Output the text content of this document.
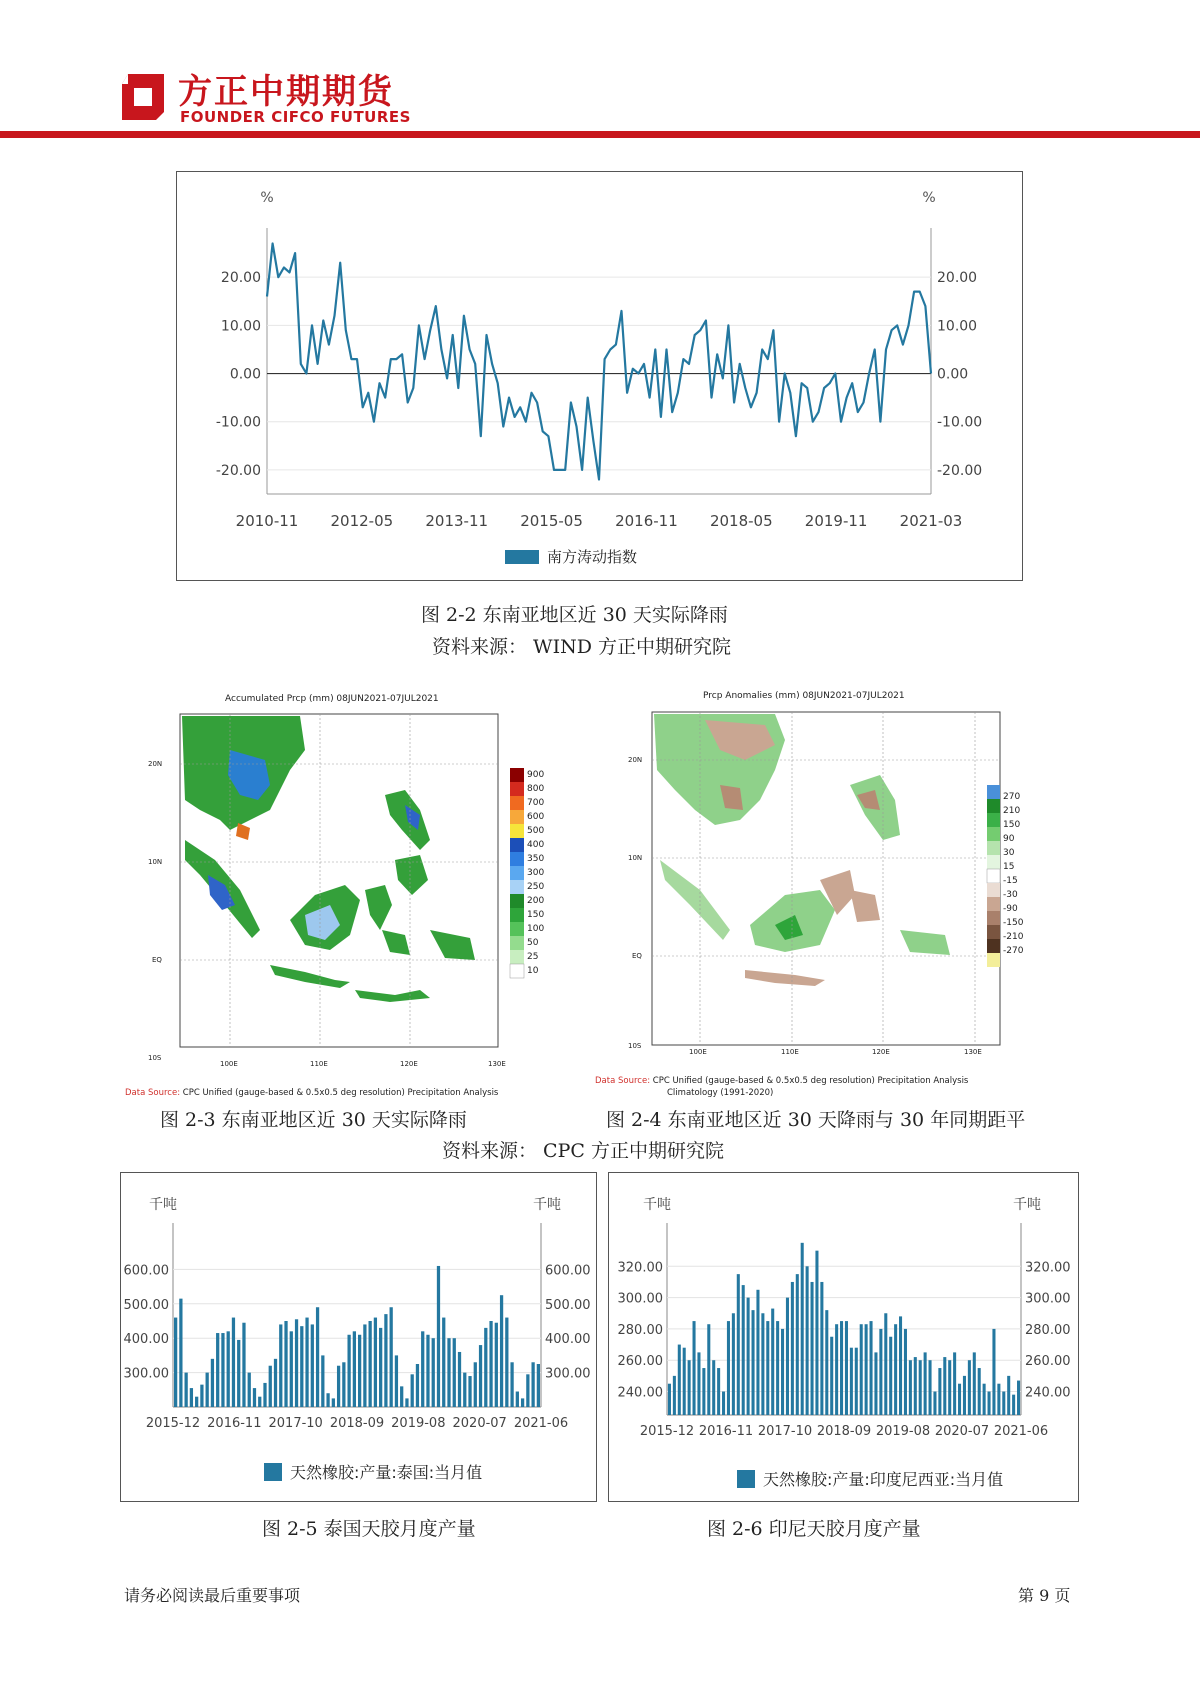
方正中期期货
FOUNDER CIFCO FUTURES
%	%
20.00	20.00
10.00	10.00
0.00	0.00
-10.00	-10.00
-20.00	-20.00
南方涛动指数
2010-11	2012-05	2013-11	2015-05	2016-11	2018-05	2019-11	2021-03
图 2-2 东南亚地区近 30 天实际降雨
资料来源： WIND 方正中期研究院
Accumulated Prcp (mm) 08JUN2021-07JUL2021
20N
10N
EQ
10S
100E	110E	120E	130E
900
800
700
600
500
400
350
300
250
200
150
100
50
25
10
Data Source: CPC Unified (gauge-based & 0.5x0.5 deg resolution) Precipitation Analysis
Prcp Anomalies (mm) 08JUN2021-07JUL2021
20N
10N
EQ
10S
100E	110E	120E	130E
270
210
150
90
30
15
-15
-30
-90
-150
-210
-270
Data Source: CPC Unified (gauge-based & 0.5x0.5 deg resolution) Precipitation Analysis
Climatology (1991-2020)
图 2-3 东南亚地区近 30 天实际降雨	图 2-4 东南亚地区近 30 天降雨与 30 年同期距平
资料来源： CPC 方正中期研究院
千吨	千吨
600.00	600.00
500.00	500.00
400.00	400.00
300.00	300.00
2015-12 2016-11 2017-10 2018-09 2019-08 2020-07 2021-06
天然橡胶:产量:泰国:当月值
图 2-5 泰国天胶月度产量
千吨	千吨
320.00	320.00
300.00	300.00
280.00	280.00
260.00	260.00
240.00	240.00
2015-12 2016-11 2017-10 2018-09 2019-08 2020-07 2021-06
天然橡胶:产量:印度尼西亚:当月值
图 2-6 印尼天胶月度产量
请务必阅读最后重要事项	第 9 页
